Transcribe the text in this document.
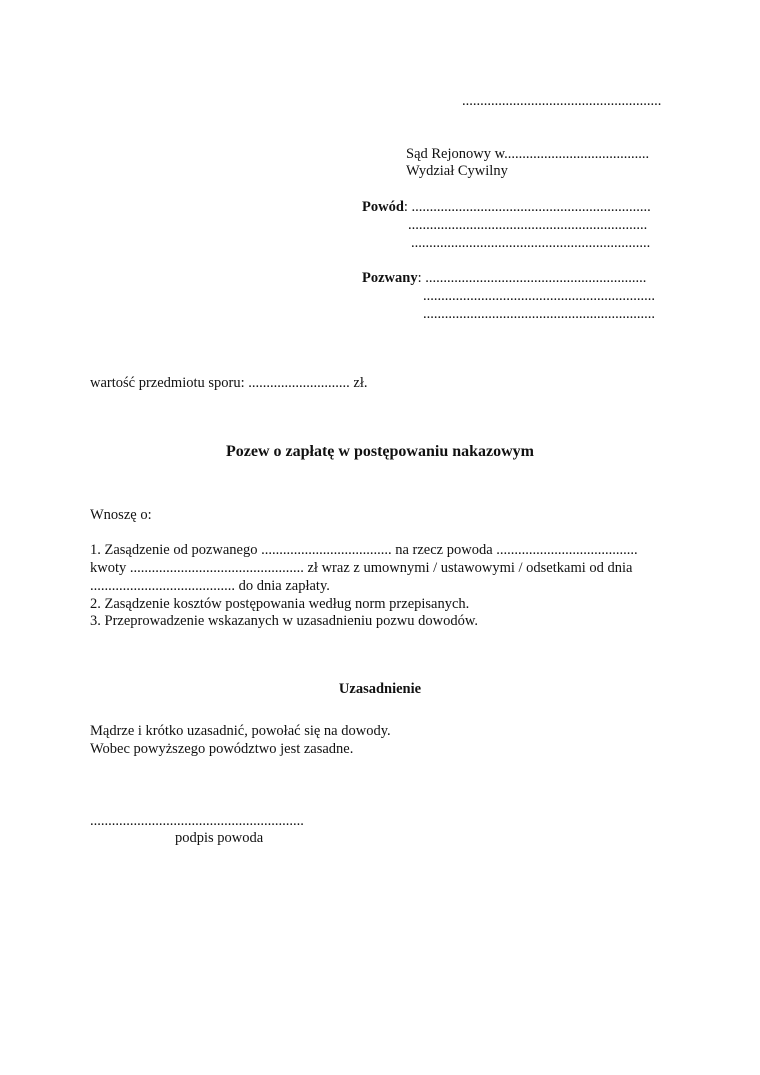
.......................................................
Sąd Rejonowy w........................................
Wydział Cywilny
Powód: ..................................................................
..................................................................
..................................................................
Pozwany: .............................................................
................................................................
................................................................
wartość przedmiotu sporu: ............................ zł.
Pozew o zapłatę w postępowaniu nakazowym
Wnoszę o:
1. Zasądzenie od pozwanego .................................... na rzecz powoda .......................................
kwoty ................................................ zł wraz z umownymi / ustawowymi / odsetkami od dnia
........................................ do dnia zapłaty.
2. Zasądzenie kosztów postępowania według norm przepisanych.
3. Przeprowadzenie wskazanych w uzasadnieniu pozwu dowodów.
Uzasadnienie
Mądrze i krótko uzasadnić, powołać się na dowody.
Wobec powyższego powództwo jest zasadne.
...........................................................
podpis powoda
